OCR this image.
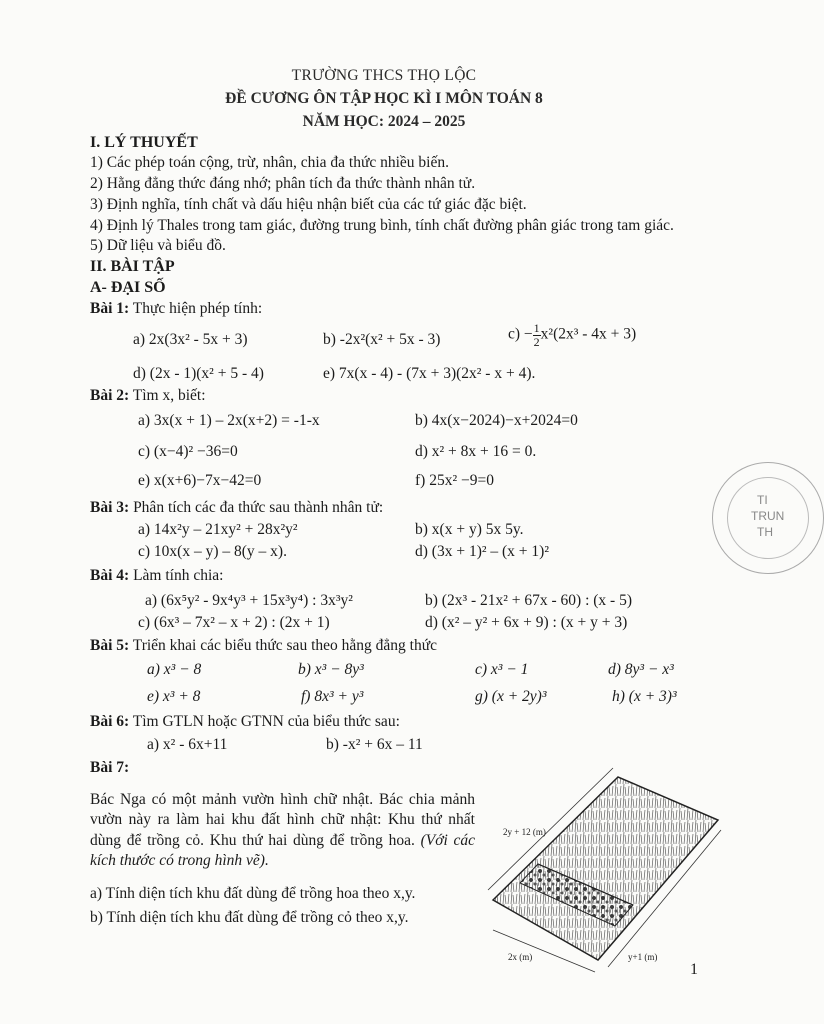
TRƯỜNG THCS THỌ LỘC
ĐỀ CƯƠNG ÔN TẬP HỌC KÌ I MÔN TOÁN 8
NĂM HỌC: 2024 – 2025
I. LÝ THUYẾT
1) Các phép toán cộng, trừ, nhân, chia đa thức nhiều biến.
2) Hằng đẳng thức đáng nhớ; phân tích đa thức thành nhân tử.
3) Định nghĩa, tính chất và dấu hiệu nhận biết của các tứ giác đặc biệt.
4) Định lý Thales trong tam giác, đường trung bình, tính chất đường phân giác trong tam giác.
5) Dữ liệu và biểu đồ.
II. BÀI TẬP
A- ĐẠI SỐ
Bài 1: Thực hiện phép tính:
a) 2x(3x² - 5x + 3)	b) -2x²(x² + 5x - 3)	$c) - \frac{1}{2} x^2(2x^3 - 4x + 3)$
d) (2x - 1)(x² + 5 - 4)	e) 7x(x - 4) - (7x + 3)(2x² - x + 4).
Bài 2: Tìm x, biết:
a) 3x(x + 1) – 2x(x+2) = -1-x	b) 4x(x−2024)−x+2024=0
c) (x−4)² −36=0	d) x² + 8x + 16 = 0.
e) x(x+6)−7x−42=0	f) 25x² −9=0
Bài 3: Phân tích các đa thức sau thành nhân tử:
a) 14x²y – 21xy² + 28x²y²	b) x(x + y) 5x 5y.
c) 10x(x – y) – 8(y – x).	d) (3x + 1)² – (x + 1)²
TI
TRUN
TH
Bài 4: Làm tính chia:
a) (6x⁵y² - 9x⁴y³ + 15x³y⁴) : 3x³y²	b) (2x³ - 21x² + 67x - 60) : (x - 5)
c) (6x³ – 7x² – x + 2) : (2x + 1)	d) (x² – y² + 6x + 9) : (x + y + 3)
Bài 5: Triển khai các biểu thức sau theo hằng đẳng thức
a) x³ − 8	b) x³ − 8y³	c) x³ − 1	d) 8y³ − x³
e) x³ + 8	f) 8x³ + y³	g) (x + 2y)³	h) (x + 3)³
Bài 6: Tìm GTLN hoặc GTNN của biểu thức sau:
a) x² - 6x+11	b) -x² + 6x – 11
Bài 7:
Bác Nga có một mảnh vườn hình chữ nhật. Bác chia mảnh vườn này ra làm hai khu đất hình chữ nhật: Khu thứ nhất dùng để trồng cỏ. Khu thứ hai dùng để trồng hoa. (Với các kích thước có trong hình vẽ).
a) Tính diện tích khu đất dùng để trồng hoa theo x,y.
b) Tính diện tích khu đất dùng để trồng cỏ theo x,y.
2y + 12 (m)
2x (m)	y+1 (m)
1
